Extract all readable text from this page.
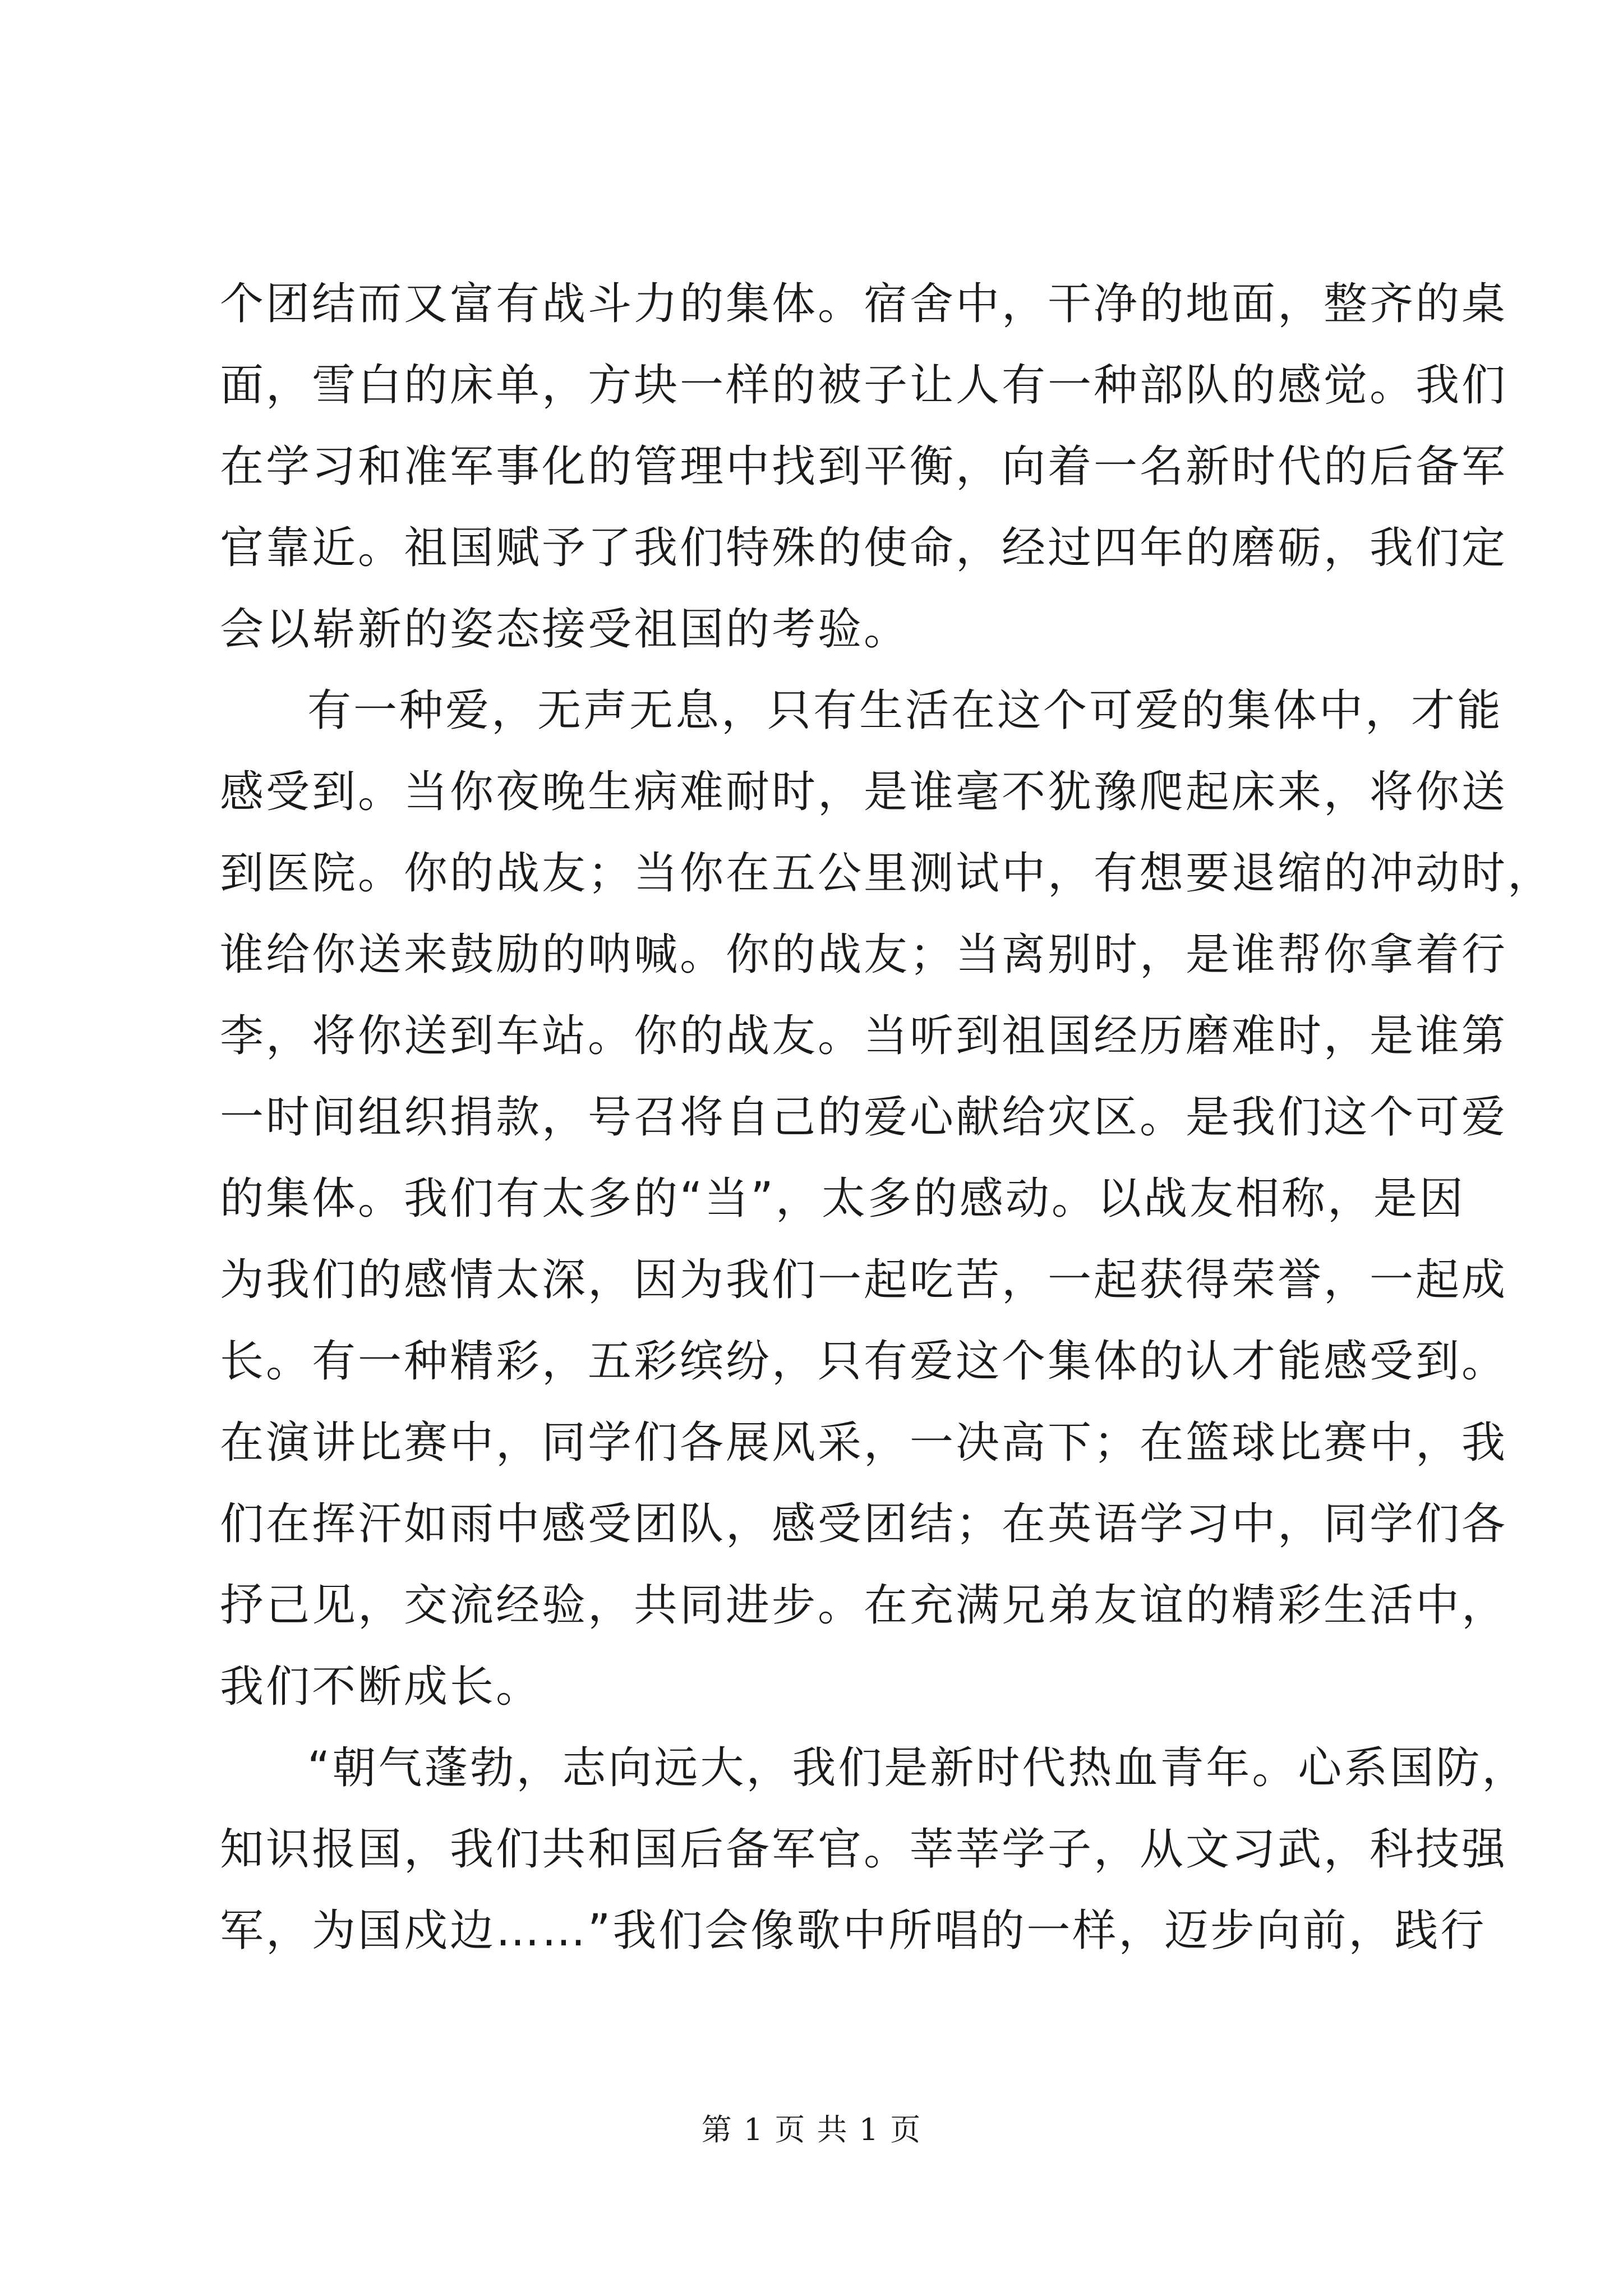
个团结而又富有战斗力的集体。宿舍中，干净的地面，整齐的桌
面，雪白的床单，方块一样的被子让人有一种部队的感觉。我们
在学习和准军事化的管理中找到平衡，向着一名新时代的后备军
官靠近。祖国赋予了我们特殊的使命，经过四年的磨砺，我们定
会以崭新的姿态接受祖国的考验。
有一种爱，无声无息，只有生活在这个可爱的集体中，才能
感受到。当你夜晚生病难耐时，是谁毫不犹豫爬起床来，将你送
到医院。你的战友；当你在五公里测试中，有想要退缩的冲动时，
谁给你送来鼓励的呐喊。你的战友；当离别时，是谁帮你拿着行
李，将你送到车站。你的战友。当听到祖国经历磨难时，是谁第
一时间组织捐款，号召将自己的爱心献给灾区。是我们这个可爱
的集体。我们有太多的“当”，太多的感动。以战友相称，是因
为我们的感情太深，因为我们一起吃苦，一起获得荣誉，一起成
长。有一种精彩，五彩缤纷，只有爱这个集体的认才能感受到。
在演讲比赛中，同学们各展风采，一决高下；在篮球比赛中，我
们在挥汗如雨中感受团队，感受团结；在英语学习中，同学们各
抒己见，交流经验，共同进步。在充满兄弟友谊的精彩生活中，
我们不断成长。
“朝气蓬勃，志向远大，我们是新时代热血青年。心系国防，
知识报国，我们共和国后备军官。莘莘学子，从文习武，科技强
军，为国戍边……”我们会像歌中所唱的一样，迈步向前，践行
第 1 页 共 1 页
